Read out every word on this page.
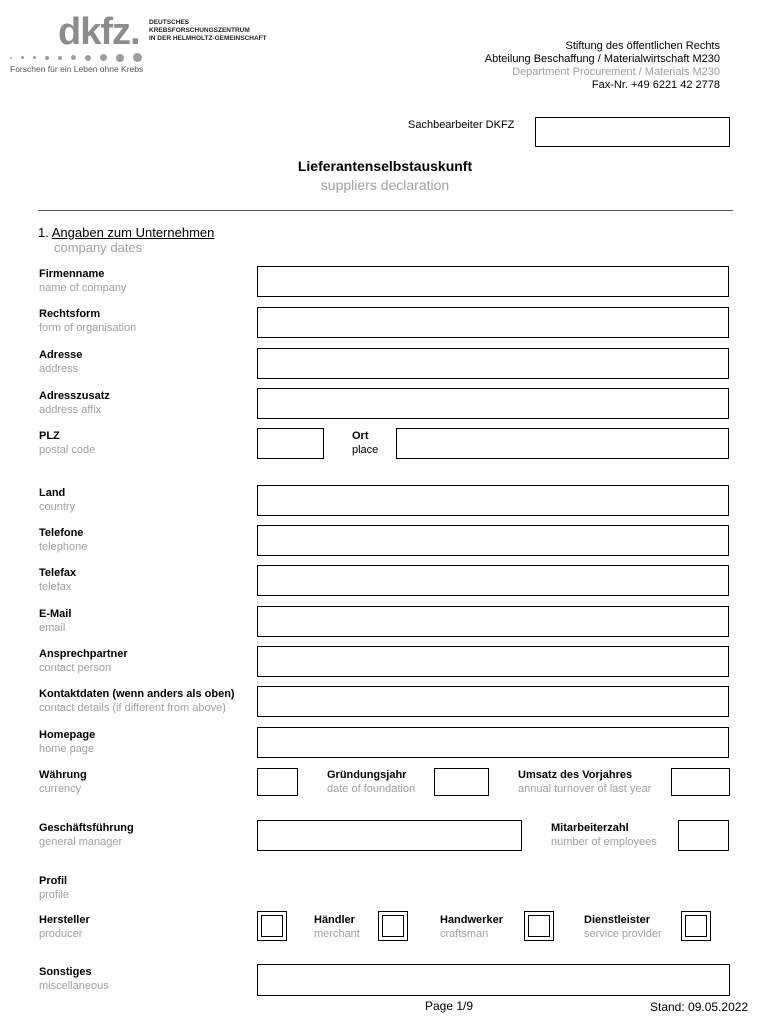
dkfz. DEUTSCHES
KREBSFORSCHUNGSZENTRUM
IN DER HELMHOLTZ-GEMEINSCHAFT
Forschen für ein Leben ohne Krebs
Stiftung des öffentlichen Rechts
Abteilung Beschaffung / Materialwirtschaft M230
Department Procurement / Materials M230
Fax-Nr. +49 6221 42 2778
Sachbearbeiter DKFZ
Lieferantenselbstauskunft
suppliers declaration
1. Angaben zum Unternehmen
company dates
Firmenname
name of company
Rechtsform
form of organisation
Adresse
address
Adresszusatz
address affix
PLZ
postal code
Ort
place
Land
country
Telefone
telephone
Telefax
telefax
E-Mail
email
Ansprechpartner
contact person
Kontaktdaten (wenn anders als oben)
contact details (if different from above)
Homepage
home page
Währung
currency
Gründungsjahr
date of foundation
Umsatz des Vorjahres
annual turnover of last year
Geschäftsführung
general manager
Mitarbeiterzahl
number of employees
Profil
profile
Hersteller
producer
Händler
merchant
Handwerker
craftsman
Dienstleister
service provider
Sonstiges
miscellaneous
Page 1/9	Stand: 09.05.2022
